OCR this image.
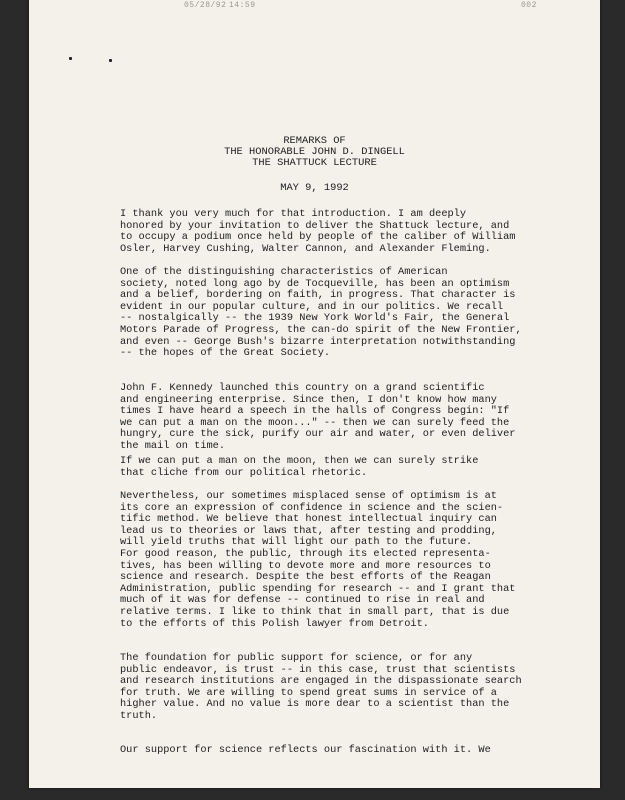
05/28/92 14:59	002
REMARKS OF
THE HONORABLE JOHN D. DINGELL
THE SHATTUCK LECTURE
MAY 9, 1992
I thank you very much for that introduction. I am deeply
honored by your invitation to deliver the Shattuck lecture, and
to occupy a podium once held by people of the caliber of William
Osler, Harvey Cushing, Walter Cannon, and Alexander Fleming.
One of the distinguishing characteristics of American
society, noted long ago by de Tocqueville, has been an optimism
and a belief, bordering on faith, in progress. That character is
evident in our popular culture, and in our politics. We recall
-- nostalgically -- the 1939 New York World's Fair, the General
Motors Parade of Progress, the can-do spirit of the New Frontier,
and even -- George Bush's bizarre interpretation notwithstanding
-- the hopes of the Great Society.
John F. Kennedy launched this country on a grand scientific
and engineering enterprise. Since then, I don't know how many
times I have heard a speech in the halls of Congress begin: "If
we can put a man on the moon..." -- then we can surely feed the
hungry, cure the sick, purify our air and water, or even deliver
the mail on time.
If we can put a man on the moon, then we can surely strike
that cliche from our political rhetoric.
Nevertheless, our sometimes misplaced sense of optimism is at
its core an expression of confidence in science and the scien-
tific method. We believe that honest intellectual inquiry can
lead us to theories or laws that, after testing and prodding,
will yield truths that will light our path to the future.
For good reason, the public, through its elected representa-
tives, has been willing to devote more and more resources to
science and research. Despite the best efforts of the Reagan
Administration, public spending for research -- and I grant that
much of it was for defense -- continued to rise in real and
relative terms. I like to think that in small part, that is due
to the efforts of this Polish lawyer from Detroit.
The foundation for public support for science, or for any
public endeavor, is trust -- in this case, trust that scientists
and research institutions are engaged in the dispassionate search
for truth. We are willing to spend great sums in service of a
higher value. And no value is more dear to a scientist than the
truth.
Our support for science reflects our fascination with it. We
